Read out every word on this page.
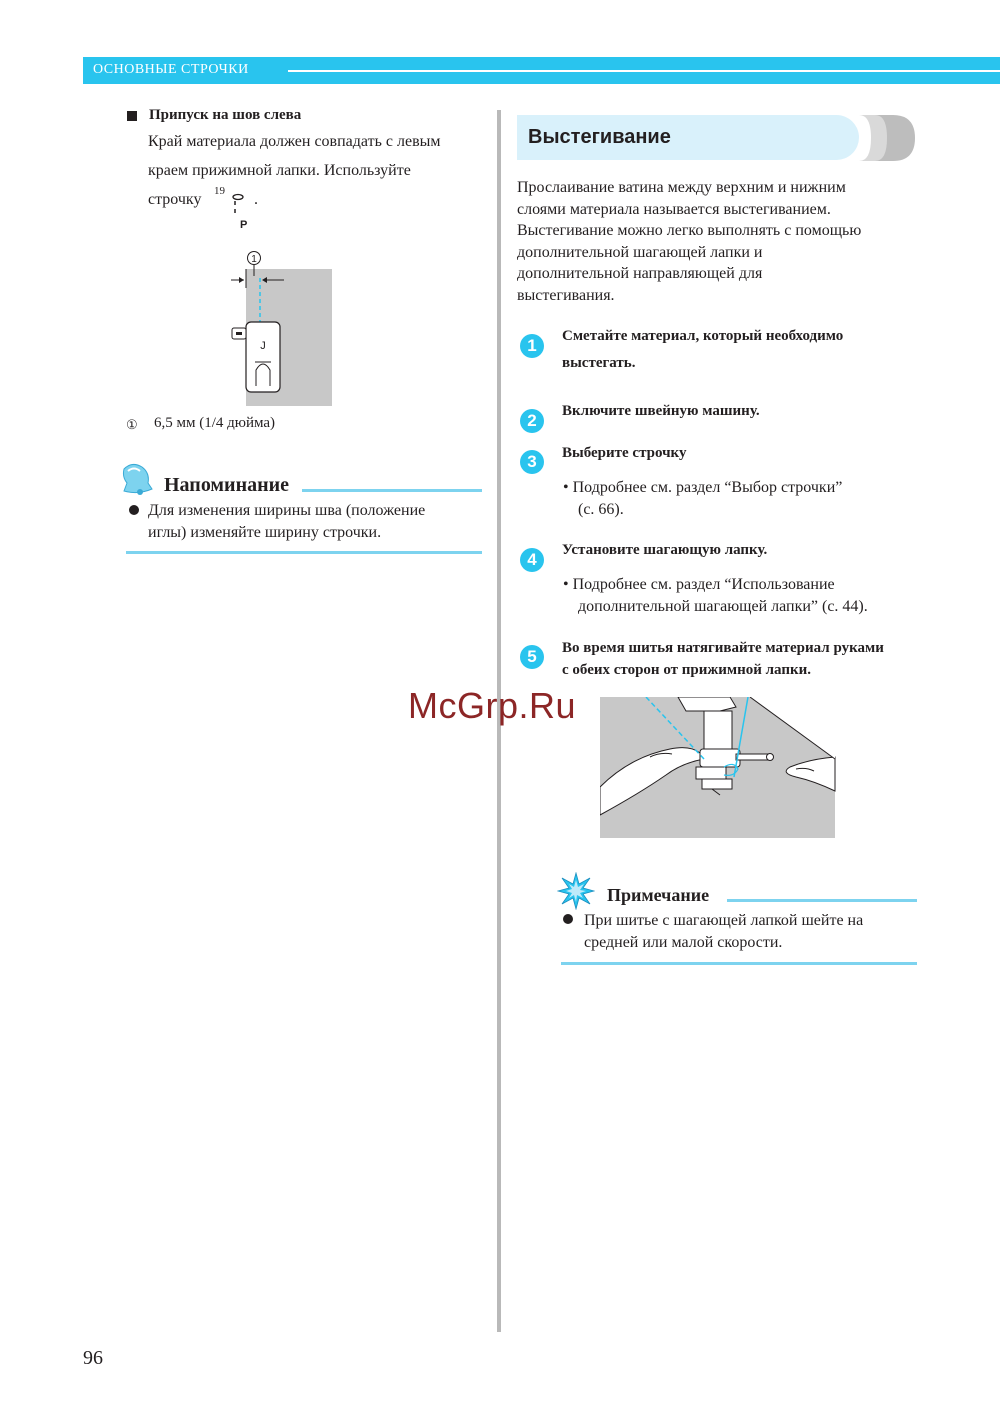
ОСНОВНЫЕ СТРОЧКИ
Припуск на шов слева
Край материала должен совпадать с левым
краем прижимной лапки. Используйте
строчку 19
P
.
1
J
① 6,5 мм (1/4 дюйма)
Напоминание
Для изменения ширины шва (положение
иглы) изменяйте ширину строчки.
Выстегивание
Прослаивание ватина между верхним и нижним
слоями материала называется выстегиванием.
Выстегивание можно легко выполнять с помощью
дополнительной шагающей лапки и
дополнительной направляющей для
выстегивания.
1	Сметайте материал, который необходимо
выстегать.
2	Включите швейную машину.
3	Выберите строчку
• Подробнее см. раздел “Выбор строчки”
(с. 66).
4	Установите шагающую лапку.
• Подробнее см. раздел “Использование
дополнительной шагающей лапки” (с. 44).
5	Во время шитья натягивайте материал руками
с обеих сторон от прижимной лапки.
Примечание
При шитье с шагающей лапкой шейте на
средней или малой скорости.
McGrp.Ru
96
